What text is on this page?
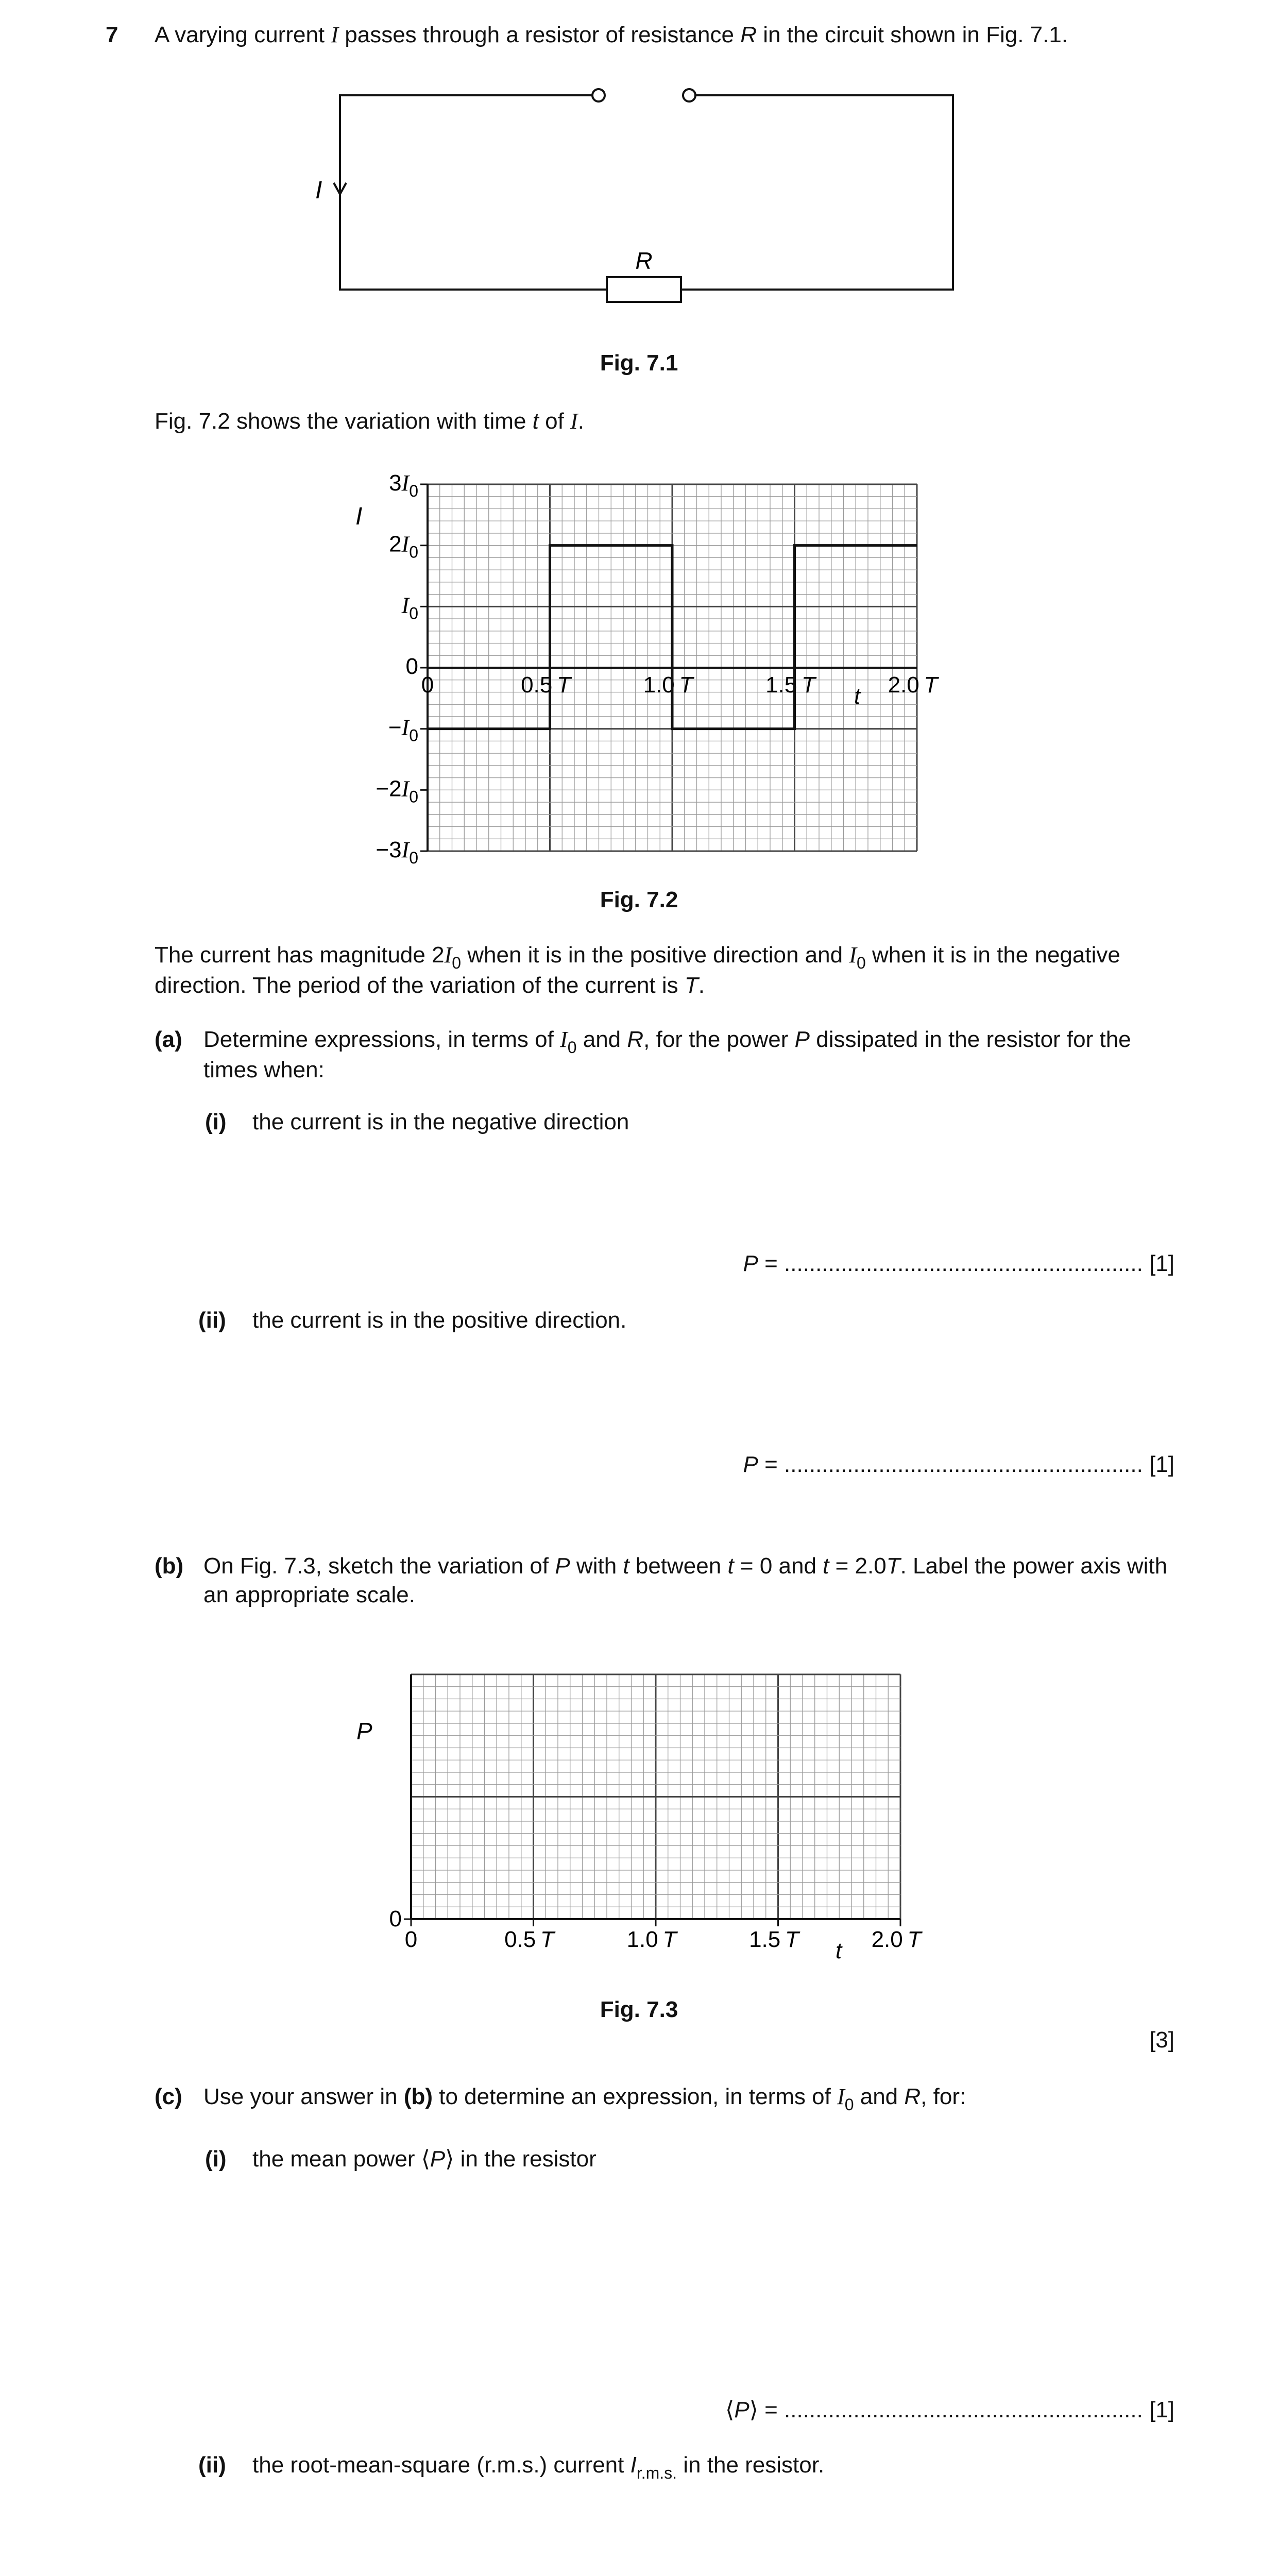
7 A varying current I passes through a resistor of resistance R in the circuit shown in Fig. 7.1.
I
R
Fig. 7.1
Fig. 7.2 shows the variation with time t of I.
$3I_0$
$2I_0$
$I_0$
0
$-I_0$
$-2I_0$
$-3I_0$
I
0	0.5 T	1.0 T	1.5 T	2.0 T
t
Fig. 7.2
The current has magnitude $2I_0$ when it is in the positive direction and $I_0$ when it is in the negative direction. The period of the variation of the current is T.
(a) Determine expressions, in terms of $I_0$ and R, for the power P dissipated in the resistor for the times when:
(i) the current is in the negative direction
P = ......................................................... [1]
(ii) the current is in the positive direction.
P = ......................................................... [1]
(b) On Fig. 7.3, sketch the variation of P with t between t = 0 and t = 2.0T. Label the power axis with an appropriate scale.
0
P
0	0.5 T	1.0 T	1.5 T	2.0 T
t
Fig. 7.3
[3]
(c) Use your answer in (b) to determine an expression, in terms of $I_0$ and R, for:
(i) the mean power ⟨P⟩ in the resistor
⟨P⟩ = ......................................................... [1]
(ii) the root-mean-square (r.m.s.) current $I_{r.m.s.}$ in the resistor.
